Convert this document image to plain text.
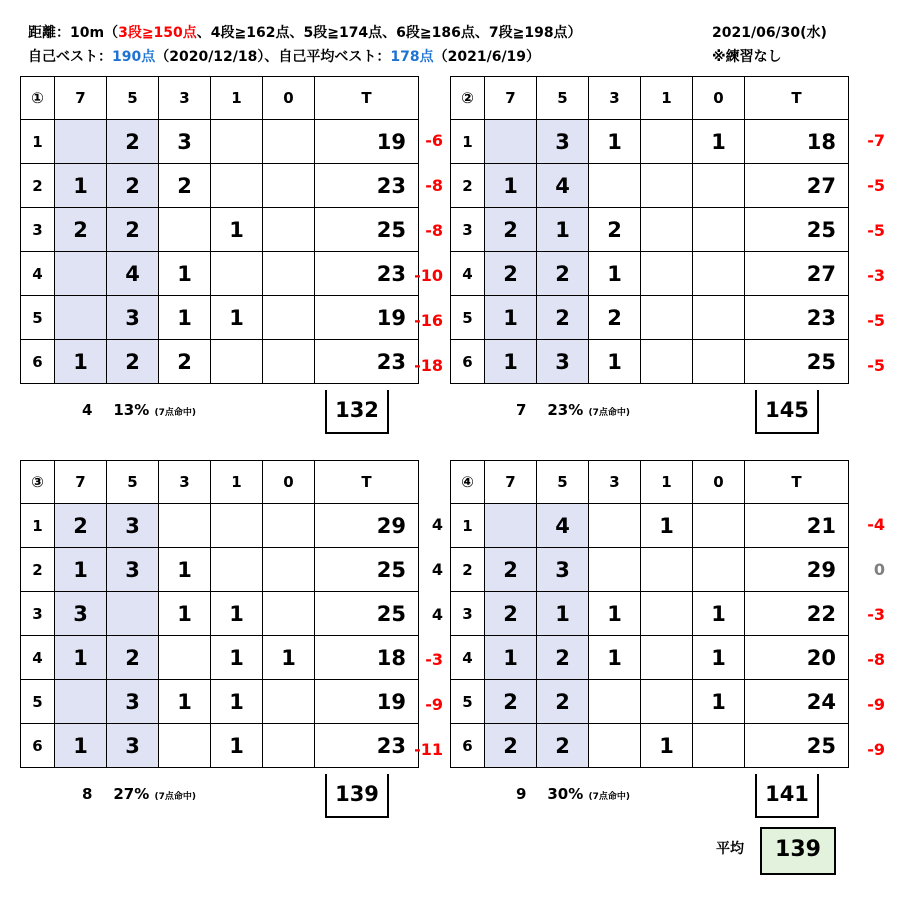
距離：10m（3段≧150点、4段≧162点、5段≧174点、6段≧186点、7段≧198点）	2021/06/30(水)
自己ベスト：190点（2020/12/18）、自己平均ベスト：178点（2021/6/19）	※練習なし
①	7	5	3	1	0	T
1		2	3			19
2	1	2	2			23
3	2	2		1		25
4		4	1			23
5		3	1	1		19
6	1	2	2			23
-6
-8
-8
-10
-16
-18
4 13% (7点命中)	132
②	7	5	3	1	0	T
1		3	1		1	18
2	1	4				27
3	2	1	2			25
4	2	2	1			27
5	1	2	2			23
6	1	3	1			25
-7
-5
-5
-3
-5
-5
7 23% (7点命中)	145
③	7	5	3	1	0	T
1	2	3				29
2	1	3	1			25
3	3		1	1		25
4	1	2		1	1	18
5		3	1	1		19
6	1	3		1		23
4
4
4
-3
-9
-11
8 27% (7点命中)	139
④	7	5	3	1	0	T
1		4		1		21
2	2	3				29
3	2	1	1		1	22
4	1	2	1		1	20
5	2	2			1	24
6	2	2		1		25
-4
0
-3
-8
-9
-9
9 30% (7点命中)	141
平均	139
